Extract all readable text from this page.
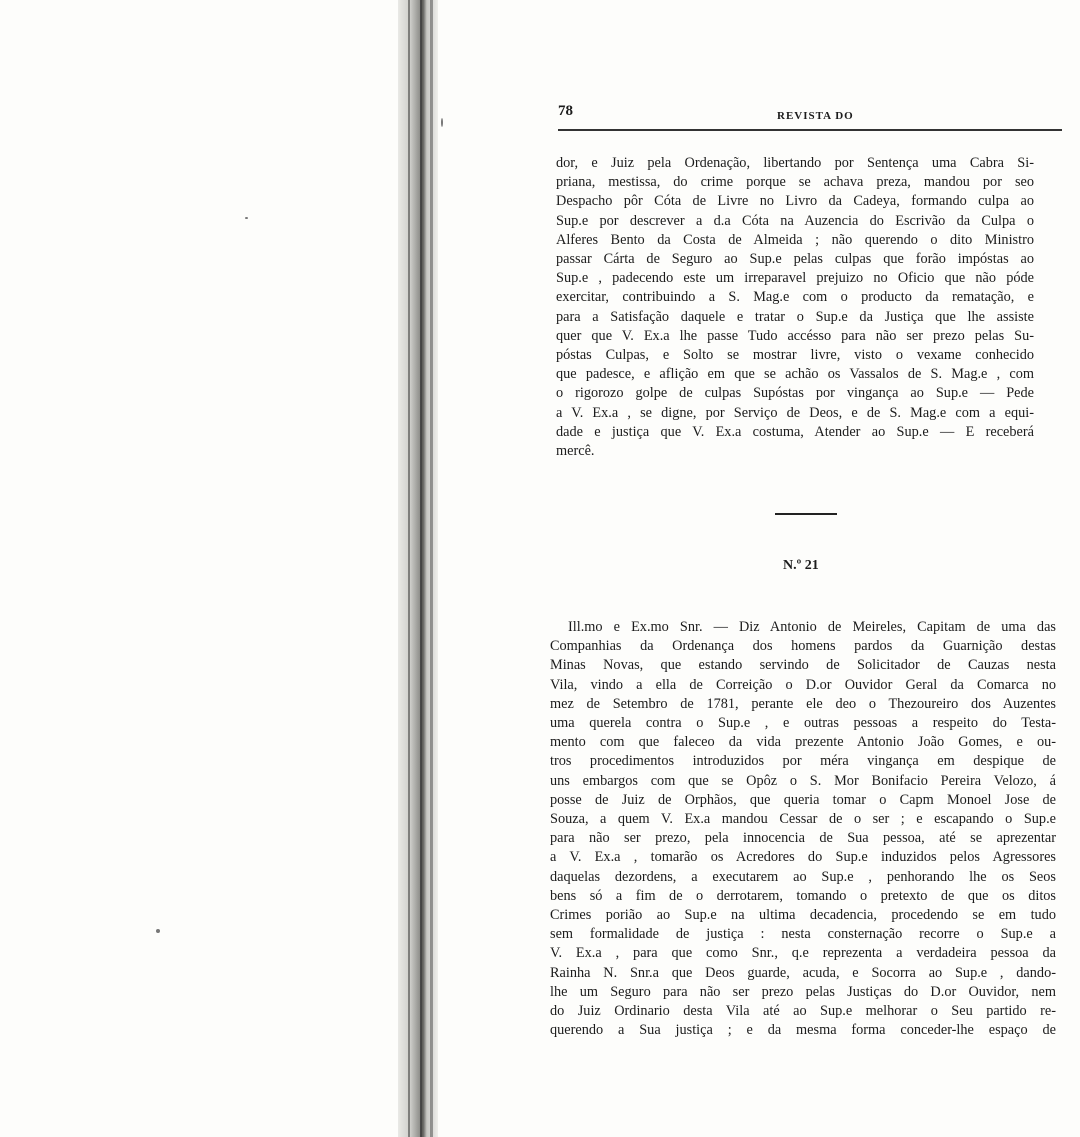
78	REVISTA DO

dor, e Juiz pela Ordenação, libertando por Sentença uma Cabra Si-
priana, mestissa, do crime porque se achava preza, mandou por seo
Despacho pôr Cóta de Livre no Livro da Cadeya, formando culpa ao
Sup.e por descrever a d.a Cóta na Auzencia do Escrivão da Culpa o
Alferes Bento da Costa de Almeida ; não querendo o dito Ministro
passar Cárta de Seguro ao Sup.e pelas culpas que forão impóstas ao
Sup.e , padecendo este um irreparavel prejuizo no Oficio que não póde
exercitar, contribuindo a S. Mag.e com o producto da rematação, e
para a Satisfação daquele e tratar o Sup.e da Justiça que lhe assiste
quer que V. Ex.a lhe passe Tudo accésso para não ser prezo pelas Su-
póstas Culpas, e Solto se mostrar livre, visto o vexame conhecido
que padesce, e aflição em que se achão os Vassalos de S. Mag.e , com
o rigorozo golpe de culpas Supóstas por vingança ao Sup.e — Pede
a V. Ex.a , se digne, por Serviço de Deos, e de S. Mag.e com a equi-
dade e justiça que V. Ex.a costuma, Atender ao Sup.e — E receberá
mercê.

N.º 21

Ill.mo e Ex.mo Snr. — Diz Antonio de Meireles, Capitam de uma das
Companhias da Ordenança dos homens pardos da Guarnição destas
Minas Novas, que estando servindo de Solicitador de Cauzas nesta
Vila, vindo a ella de Correição o D.or Ouvidor Geral da Comarca no
mez de Setembro de 1781, perante ele deo o Thezoureiro dos Auzentes
uma querela contra o Sup.e , e outras pessoas a respeito do Testa-
mento com que faleceo da vida prezente Antonio João Gomes, e ou-
tros procedimentos introduzidos por méra vingança em despique de
uns embargos com que se Opôz o S. Mor Bonifacio Pereira Velozo, á
posse de Juiz de Orphãos, que queria tomar o Capm Monoel Jose de
Souza, a quem V. Ex.a mandou Cessar de o ser ; e escapando o Sup.e
para não ser prezo, pela innocencia de Sua pessoa, até se aprezentar
a V. Ex.a , tomarão os Acredores do Sup.e induzidos pelos Agressores
daquelas dezordens, a executarem ao Sup.e , penhorando lhe os Seos
bens só a fim de o derrotarem, tomando o pretexto de que os ditos
Crimes porião ao Sup.e na ultima decadencia, procedendo se em tudo
sem formalidade de justiça : nesta consternação recorre o Sup.e a
V. Ex.a , para que como Snr., q.e reprezenta a verdadeira pessoa da
Rainha N. Snr.a que Deos guarde, acuda, e Socorra ao Sup.e , dando-
lhe um Seguro para não ser prezo pelas Justiças do D.or Ouvidor, nem
do Juiz Ordinario desta Vila até ao Sup.e melhorar o Seu partido re-
querendo a Sua justiça ; e da mesma forma conceder-lhe espaço de
